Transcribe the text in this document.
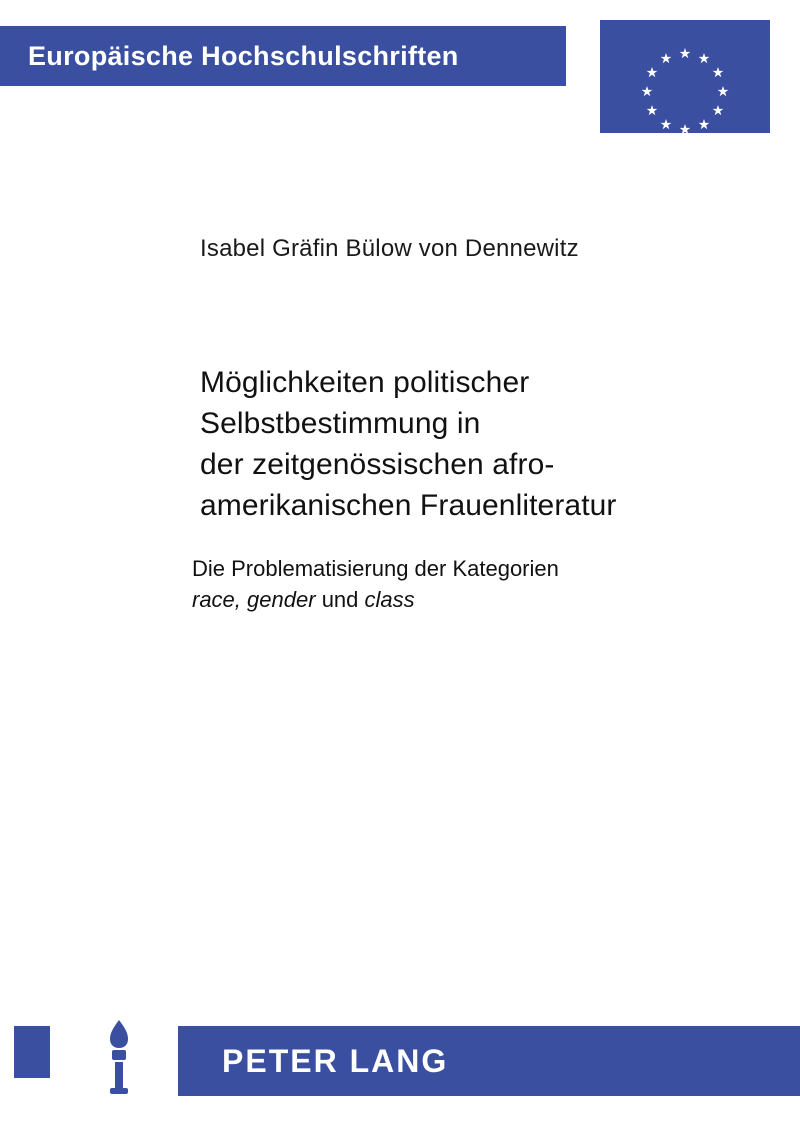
Europäische Hochschulschriften
Isabel Gräfin Bülow von Dennewitz
Möglichkeiten politischer
Selbstbestimmung in
der zeitgenössischen afro-
amerikanischen Frauenliteratur
Die Problematisierung der Kategorien
race, gender und class
PETER LANG
